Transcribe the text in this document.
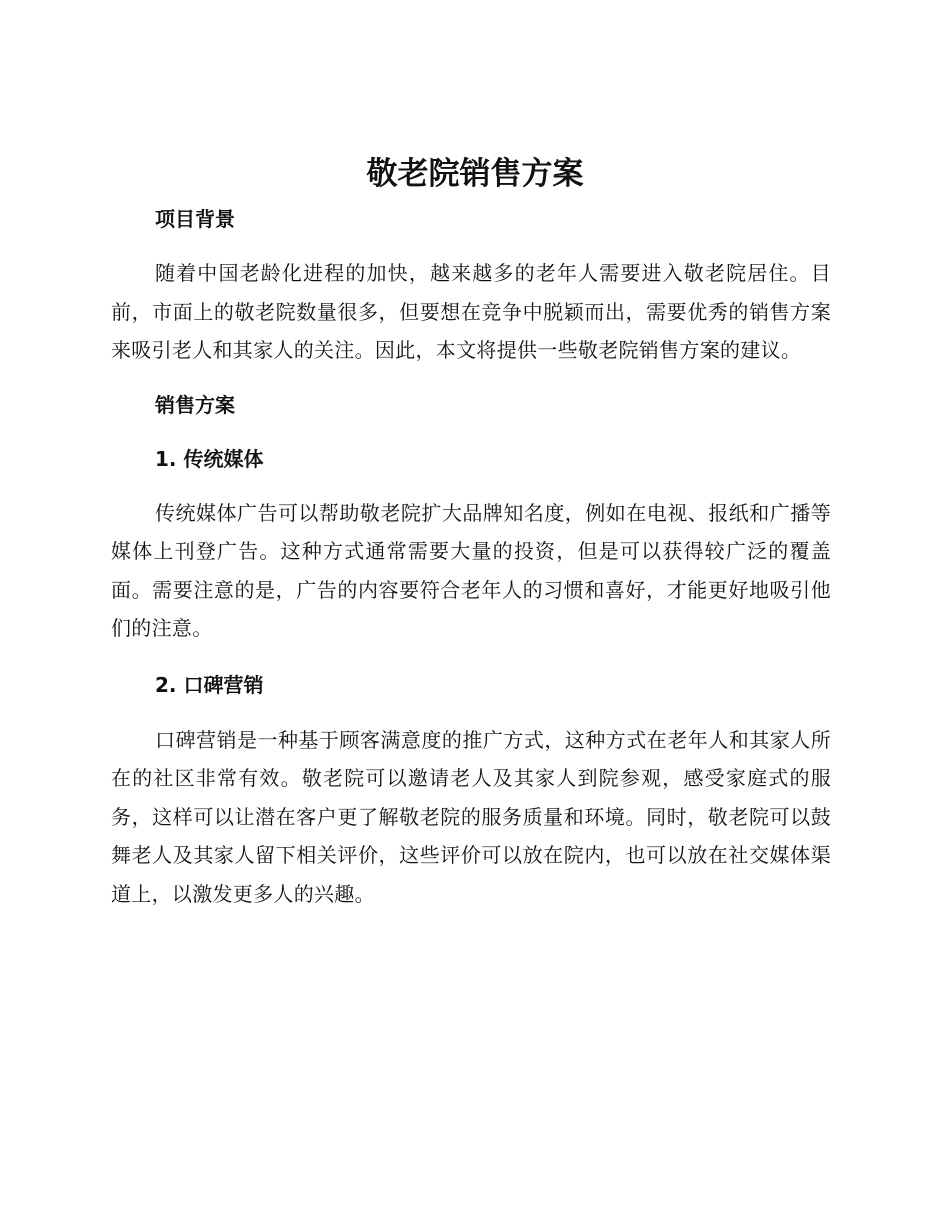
敬老院销售方案
项目背景

随着中国老龄化进程的加快，越来越多的老年人需要进入敬老院居住。目前，市面上的敬老院数量很多，但要想在竞争中脱颖而出，需要优秀的销售方案来吸引老人和其家人的关注。因此，本文将提供一些敬老院销售方案的建议。

销售方案
1. 传统媒体

传统媒体广告可以帮助敬老院扩大品牌知名度，例如在电视、报纸和广播等媒体上刊登广告。这种方式通常需要大量的投资，但是可以获得较广泛的覆盖面。需要注意的是，广告的内容要符合老年人的习惯和喜好，才能更好地吸引他们的注意。

2. 口碑营销

口碑营销是一种基于顾客满意度的推广方式，这种方式在老年人和其家人所在的社区非常有效。敬老院可以邀请老人及其家人到院参观，感受家庭式的服务，这样可以让潜在客户更了解敬老院的服务质量和环境。同时，敬老院可以鼓舞老人及其家人留下相关评价，这些评价可以放在院内，也可以放在社交媒体渠道上，以激发更多人的兴趣。
